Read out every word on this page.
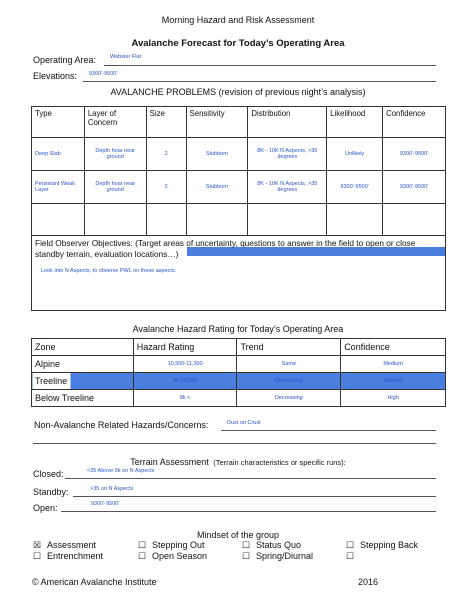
Morning Hazard and Risk Assessment
Avalanche Forecast for Today’s Operating Area
Operating Area:	Webster Flat
Elevations: 9300'-9500'
AVALANCHE PROBLEMS (revision of previous night’s analysis)
Type	Layer of Concern	Size	Sensitivity	Distribution	Likelihood	Confidence
Deep Slab	Depth hoar near ground	2	Stubborn	8K - 10K N Aspects, >35 degrees	Unlikely	9300'-9500'
Persistant Weak Layer	Depth hoar near ground	2	Stubborn	8K - 10K N Aspects, >35 degrees	9300'-9500'	9300'-9500'

Field Observer Objectives: (Target areas of uncertainty, questions to answer in the field to open or close standby terrain, evaluation locations…)
Look into N Aspects, to observe PWL on these aspects.
Avalanche Hazard Rating for Today’s Operating Area
Zone	Hazard Rating	Trend	Confidence
Alpine	10,500-11,300	Same	Medium
Treeline	8k-10,500	Decreasing	Medium
Below Treeline	8k <	Decreasing	High
Non-Avalanche Related Hazards/Concerns:	Dust on Crust
Terrain Assessment (Terrain characteristics or specific runs):
Closed:	<35 Above 9k on N Aspects
Standby:	>35 on N Aspects
Open:	9300'-9500'
Mindset of the group
☒ Assessment	☐ Stepping Out	☐ Status Quo	☐ Stepping Back
☐ Entrenchment	☐ Open Season	☐ Spring/Diurnal	☐
© American Avalanche Institute	2016
